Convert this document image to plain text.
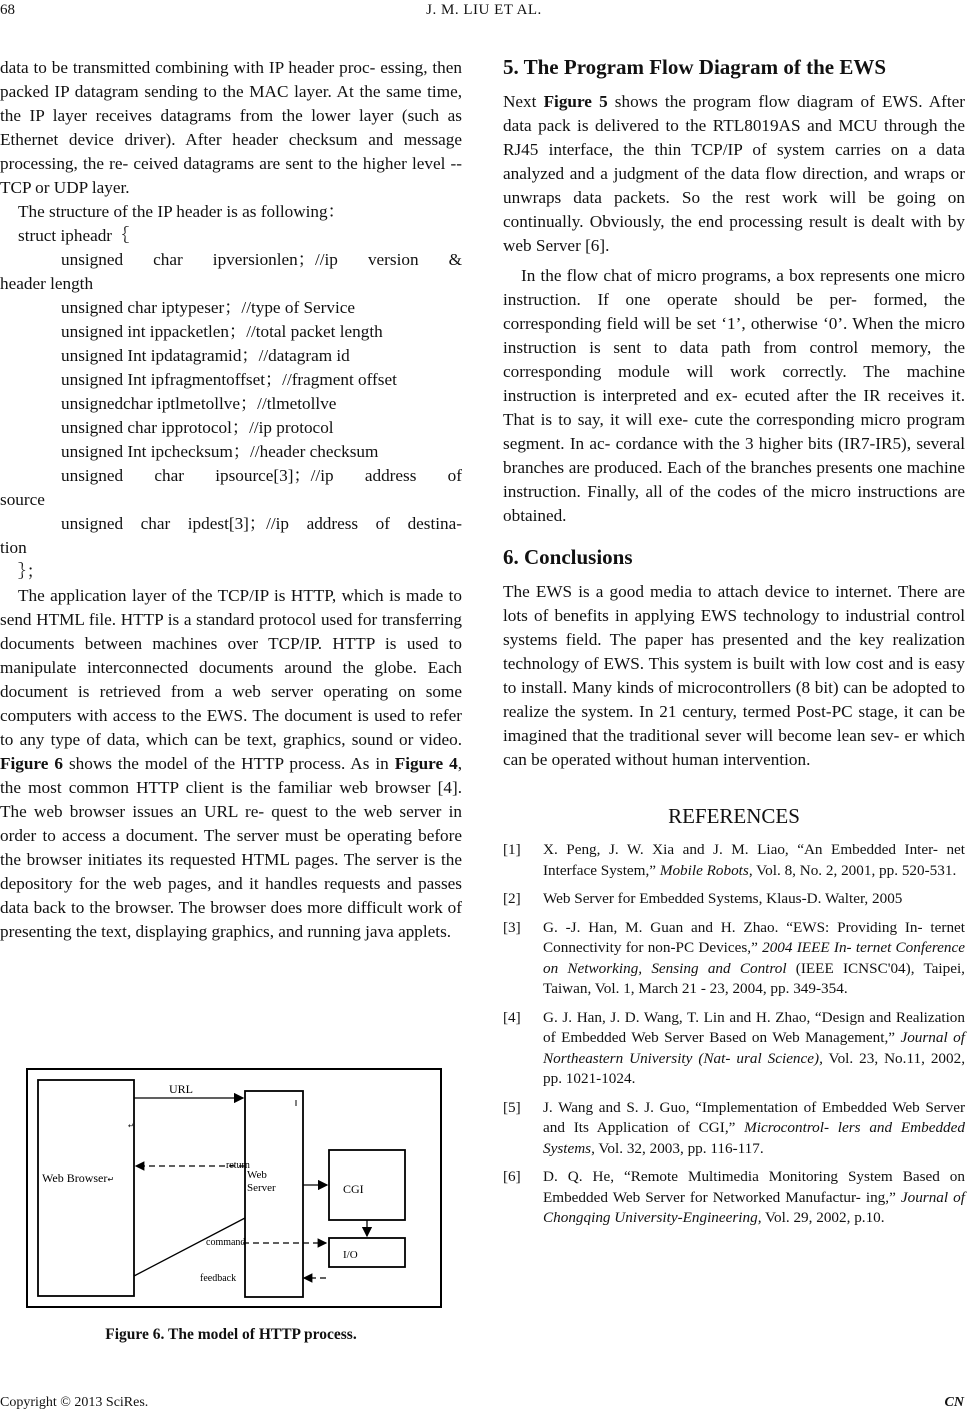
68	J. M. LIU ET AL.

data to be transmitted combining with IP header proc- essing, then packed IP datagram sending to the MAC layer. At the same time, the IP layer receives datagrams from the lower layer (such as Ethernet device driver). After header checksum and message processing, the re- ceived datagrams are sent to the higher level -- TCP or UDP layer.

The structure of the IP header is as following：
struct ipheadr｛
unsigned char ipversionlen；//ip version &
header length
unsigned char iptypeser；//type of Service
unsigned int ippacketlen；//total packet length
unsigned Int ipdatagramid；//datagram id
unsigned Int ipfragmentoffset；//fragment offset
unsignedchar iptlmetollve；//tlmetollve
unsigned char ipprotocol；//ip protocol
unsigned Int ipchecksum；//header checksum
unsigned char ipsource[3]；//ip address of
source
unsigned char ipdest[3]；//ip address of destina-
tion
｝；

The application layer of the TCP/IP is HTTP, which is made to send HTML file. HTTP is a standard protocol used for transferring documents between machines over TCP/IP. HTTP is used to manipulate interconnected documents around the globe. Each document is retrieved from a web server operating on some computers with access to the EWS. The document is used to refer to any type of data, which can be text, graphics, sound or video. Figure 6 shows the model of the HTTP process. As in Figure 4, the most common HTTP client is the familiar web browser [4]. The web browser issues an URL re- quest to the web server in order to access a document. The server must be operating before the browser initiates its requested HTML pages. The server is the depository for the web pages, and it handles requests and passes data back to the browser. The browser does more difficult work of presenting the text, displaying graphics, and running java applets.

URL
↵
Web Browser↵
return
Web
Server	CGI
I/O
command
feedback
Figure 6. The model of HTTP process.
5. The Program Flow Diagram of the EWS

Next Figure 5 shows the program flow diagram of EWS. After data pack is delivered to the RTL8019AS and MCU through the RJ45 interface, the thin TCP/IP of system carries on a data analyzed and a judgment of the data flow direction, and wraps or unwraps data packets. So the rest work will be going on continually. Obviously, the end processing result is dealt with by web Server [6].

In the flow chat of micro programs, a box represents one micro instruction. If one operate should be per- formed, the corresponding field will be set ‘1’, otherwise ‘0’. When the micro instruction is sent to data path from control memory, the corresponding module will work correctly. The machine instruction is interpreted and ex- ecuted after the IR receives it. That is to say, it will exe- cute the corresponding micro program segment. In ac- cordance with the 3 higher bits (IR7-IR5), several branches are produced. Each of the branches presents one machine instruction. Finally, all of the codes of the micro instructions are obtained.

6. Conclusions

The EWS is a good media to attach device to internet. There are lots of benefits in applying EWS technology to industrial control systems field. The paper has presented and the key realization technology of EWS. This system is built with low cost and is easy to install. Many kinds of microcontrollers (8 bit) can be adopted to realize the system. In 21 century, termed Post-PC stage, it can be imagined that the traditional sever will become lean sev- er which can be operated without human intervention.

REFERENCES
[1] X. Peng, J. W. Xia and J. M. Liao, “An Embedded Inter- net Interface System,” Mobile Robots, Vol. 8, No. 2, 2001, pp. 520-531.
[2] Web Server for Embedded Systems, Klaus-D. Walter, 2005
[3] G. -J. Han, M. Guan and H. Zhao. “EWS: Providing In- ternet Connectivity for non-PC Devices,” 2004 IEEE In- ternet Conference on Networking, Sensing and Control (IEEE ICNSC'04), Taipei, Taiwan, Vol. 1, March 21 - 23, 2004, pp. 349-354.
[4] G. J. Han, J. D. Wang, T. Lin and H. Zhao, “Design and Realization of Embedded Web Server Based on Web Management,” Journal of Northeastern University (Nat- ural Science), Vol. 23, No.11, 2002, pp. 1021-1024.
[5] J. Wang and S. J. Guo, “Implementation of Embedded Web Server and Its Application of CGI,” Microcontrol- lers and Embedded Systems, Vol. 32, 2003, pp. 116-117.
[6] D. Q. He, “Remote Multimedia Monitoring System Based on Embedded Web Server for Networked Manufactur- ing,” Journal of Chongqing University-Engineering, Vol. 29, 2002, p.10.
Copyright © 2013 SciRes.	CN
